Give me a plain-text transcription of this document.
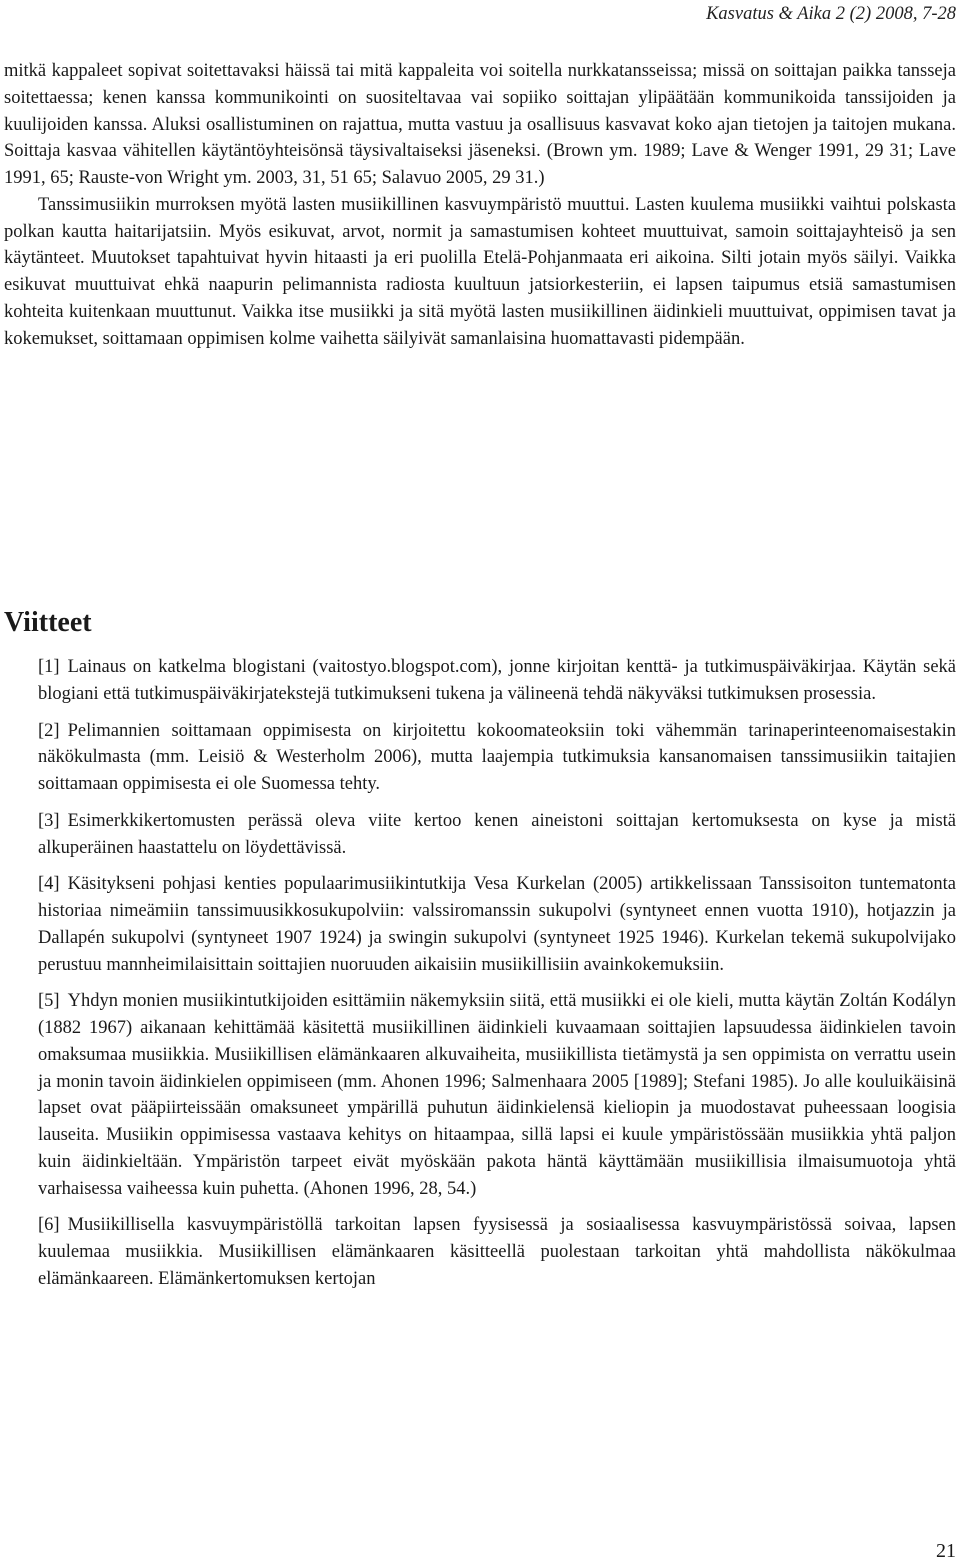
Kasvatus & Aika 2 (2) 2008, 7-28

mitkä kappaleet sopivat soitettavaksi häissä tai mitä kappaleita voi soitella nurkkatansseissa; missä on soittajan paikka tansseja soitettaessa; kenen kanssa kommunikointi on suositeltavaa vai sopiiko soittajan ylipäätään kommunikoida tanssijoiden ja kuulijoiden kanssa. Aluksi osallistuminen on rajattua, mutta vastuu ja osallisuus kasvavat koko ajan tietojen ja taitojen mukana. Soittaja kasvaa vähitellen käytäntöyhteisönsä täysivaltaiseksi jäseneksi. (Brown ym. 1989; Lave & Wenger 1991, 29 31; Lave 1991, 65; Rauste-von Wright ym. 2003, 31, 51 65; Salavuo 2005, 29 31.)

Tanssimusiikin murroksen myötä lasten musiikillinen kasvuympäristö muuttui. Lasten kuulema musiikki vaihtui polskasta polkan kautta haitarijatsiin. Myös esikuvat, arvot, normit ja samastumisen kohteet muuttuivat, samoin soittajayhteisö ja sen käytänteet. Muutokset tapahtuivat hyvin hitaasti ja eri puolilla Etelä-Pohjanmaata eri aikoina. Silti jotain myös säilyi. Vaikka esikuvat muuttuivat ehkä naapurin pelimannista radiosta kuultuun jatsiorkesteriin, ei lapsen taipumus etsiä samastumisen kohteita kuitenkaan muuttunut. Vaikka itse musiikki ja sitä myötä lasten musiikillinen äidinkieli muuttuivat, oppimisen tavat ja kokemukset, soittamaan oppimisen kolme vaihetta säilyivät samanlaisina huomattavasti pidempään.

Viitteet

[1] Lainaus on katkelma blogistani (vaitostyo.blogspot.com), jonne kirjoitan kenttä- ja tutkimuspäiväkirjaa. Käytän sekä blogiani että tutkimuspäiväkirjatekstejä tutkimukseni tukena ja välineenä tehdä näkyväksi tutkimuksen prosessia.

[2] Pelimannien soittamaan oppimisesta on kirjoitettu kokoomateoksiin toki vähemmän tarinaperinteenomaisestakin näkökulmasta (mm. Leisiö & Westerholm 2006), mutta laajempia tutkimuksia kansanomaisen tanssimusiikin taitajien soittamaan oppimisesta ei ole Suomessa tehty.

[3] Esimerkkikertomusten perässä oleva viite kertoo kenen aineistoni soittajan kertomuksesta on kyse ja mistä alkuperäinen haastattelu on löydettävissä.

[4] Käsitykseni pohjasi kenties populaarimusiikintutkija Vesa Kurkelan (2005) artikkelissaan Tanssisoiton tuntematonta historiaa nimeämiin tanssimuusikkosukupolviin: valssiromanssin sukupolvi (syntyneet ennen vuotta 1910), hotjazzin ja Dallapén sukupolvi (syntyneet 1907 1924) ja swingin sukupolvi (syntyneet 1925 1946). Kurkelan tekemä sukupolvijako perustuu mannheimilaisittain soittajien nuoruuden aikaisiin musiikillisiin avainkokemuksiin.

[5] Yhdyn monien musiikintutkijoiden esittämiin näkemyksiin siitä, että musiikki ei ole kieli, mutta käytän Zoltán Kodályn (1882 1967) aikanaan kehittämää käsitettä musiikillinen äidinkieli kuvaamaan soittajien lapsuudessa äidinkielen tavoin omaksumaa musiikkia. Musiikillisen elämänkaaren alkuvaiheita, musiikillista tietämystä ja sen oppimista on verrattu usein ja monin tavoin äidinkielen oppimiseen (mm. Ahonen 1996; Salmenhaara 2005 [1989]; Stefani 1985). Jo alle kouluikäisinä lapset ovat pääpiirteissään omaksuneet ympärillä puhutun äidinkielensä kieliopin ja muodostavat puheessaan loogisia lauseita. Musiikin oppimisessa vastaava kehitys on hitaampaa, sillä lapsi ei kuule ympäristössään musiikkia yhtä paljon kuin äidinkieltään. Ympäristön tarpeet eivät myöskään pakota häntä käyttämään musiikillisia ilmaisumuotoja yhtä varhaisessa vaiheessa kuin puhetta. (Ahonen 1996, 28, 54.)

[6] Musiikillisella kasvuympäristöllä tarkoitan lapsen fyysisessä ja sosiaalisessa kasvuympäristössä soivaa, lapsen kuulemaa musiikkia. Musiikillisen elämänkaaren käsitteellä puolestaan tarkoitan yhtä mahdollista näkökulmaa elämänkaareen. Elämänkertomuksen kertojan

21
